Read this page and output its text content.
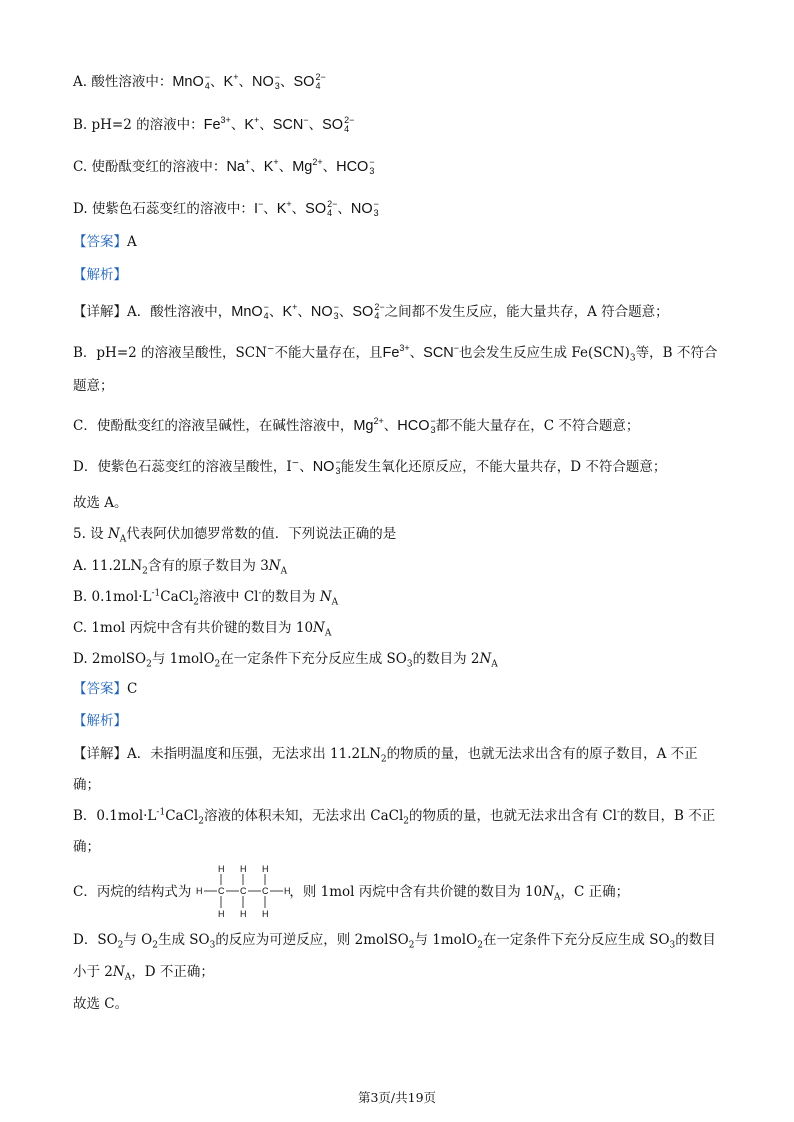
A. 酸性溶液中：MnO −
4 、K+、NO −
3 、SO 2−
4
B. pH=2 的溶液中：$Fe^{3+}$、K+、SCN−、SO 2−
4
C. 使酚酞变红的溶液中：Na+、K+、$Mg^{2+}$、HCO −
3
D. 使紫色石蕊变红的溶液中：I−、K+、SO 2−
4 、NO −
3
【答案】A
【解析】
【详解】A．酸性溶液中，MnO −
4 、K+、NO −
3 、SO 2−
4 之间都不发生反应，能大量共存，A 符合题意；
B．pH=2 的溶液呈酸性，SCN−不能大量存在，且$Fe^{3+}$、SCN−也会发生反应生成 $Fe(SCN)_3$等，B 不符合
题意；
C．使酚酞变红的溶液呈碱性，在碱性溶液中，$Mg^{2+}$、HCO −
3 都不能大量存在，C 不符合题意；
D．使紫色石蕊变红的溶液呈酸性，I−、NO −
3 能发生氧化还原反应，不能大量共存，D 不符合题意；
故选 A。
5. 设 $N_A$代表阿伏加德罗常数的值．下列说法正确的是
A. $11.2LN_2$含有的原子数目为 $3N_A$
B. $0.1mol\cdot L^{-1}CaCl_2$溶液中 Cl-的数目为 $N_A$
C. 1mol 丙烷中含有共价键的数目为 $10N_A$
D. 2molSO$_2$与 1molO$_2$在一定条件下充分反应生成 $SO_3$的数目为 $2N_A$
【答案】C
【解析】
【详解】A．未指明温度和压强，无法求出 $11.2LN_2$的物质的量，也就无法求出含有的原子数目，A 不正
确；
B．$0.1mol\cdot L^{-1}CaCl_2$溶液的体积未知，无法求出 CaCl$_2$的物质的量，也就无法求出含有 Cl-的数目，B 不正
确；
C．丙烷的结构式为	，则 1mol 丙烷中含有共价键的数目为 $10N_A$，C 正确；
H H H
H C C C H
H H H
D．$SO_2$与 $O_2$生成 $SO_3$的反应为可逆反应，则 2molSO$_2$与 1molO$_2$在一定条件下充分反应生成 $SO_3$的数目
小于 $2N_A$，D 不正确；
故选 C。
第3页/共19页
